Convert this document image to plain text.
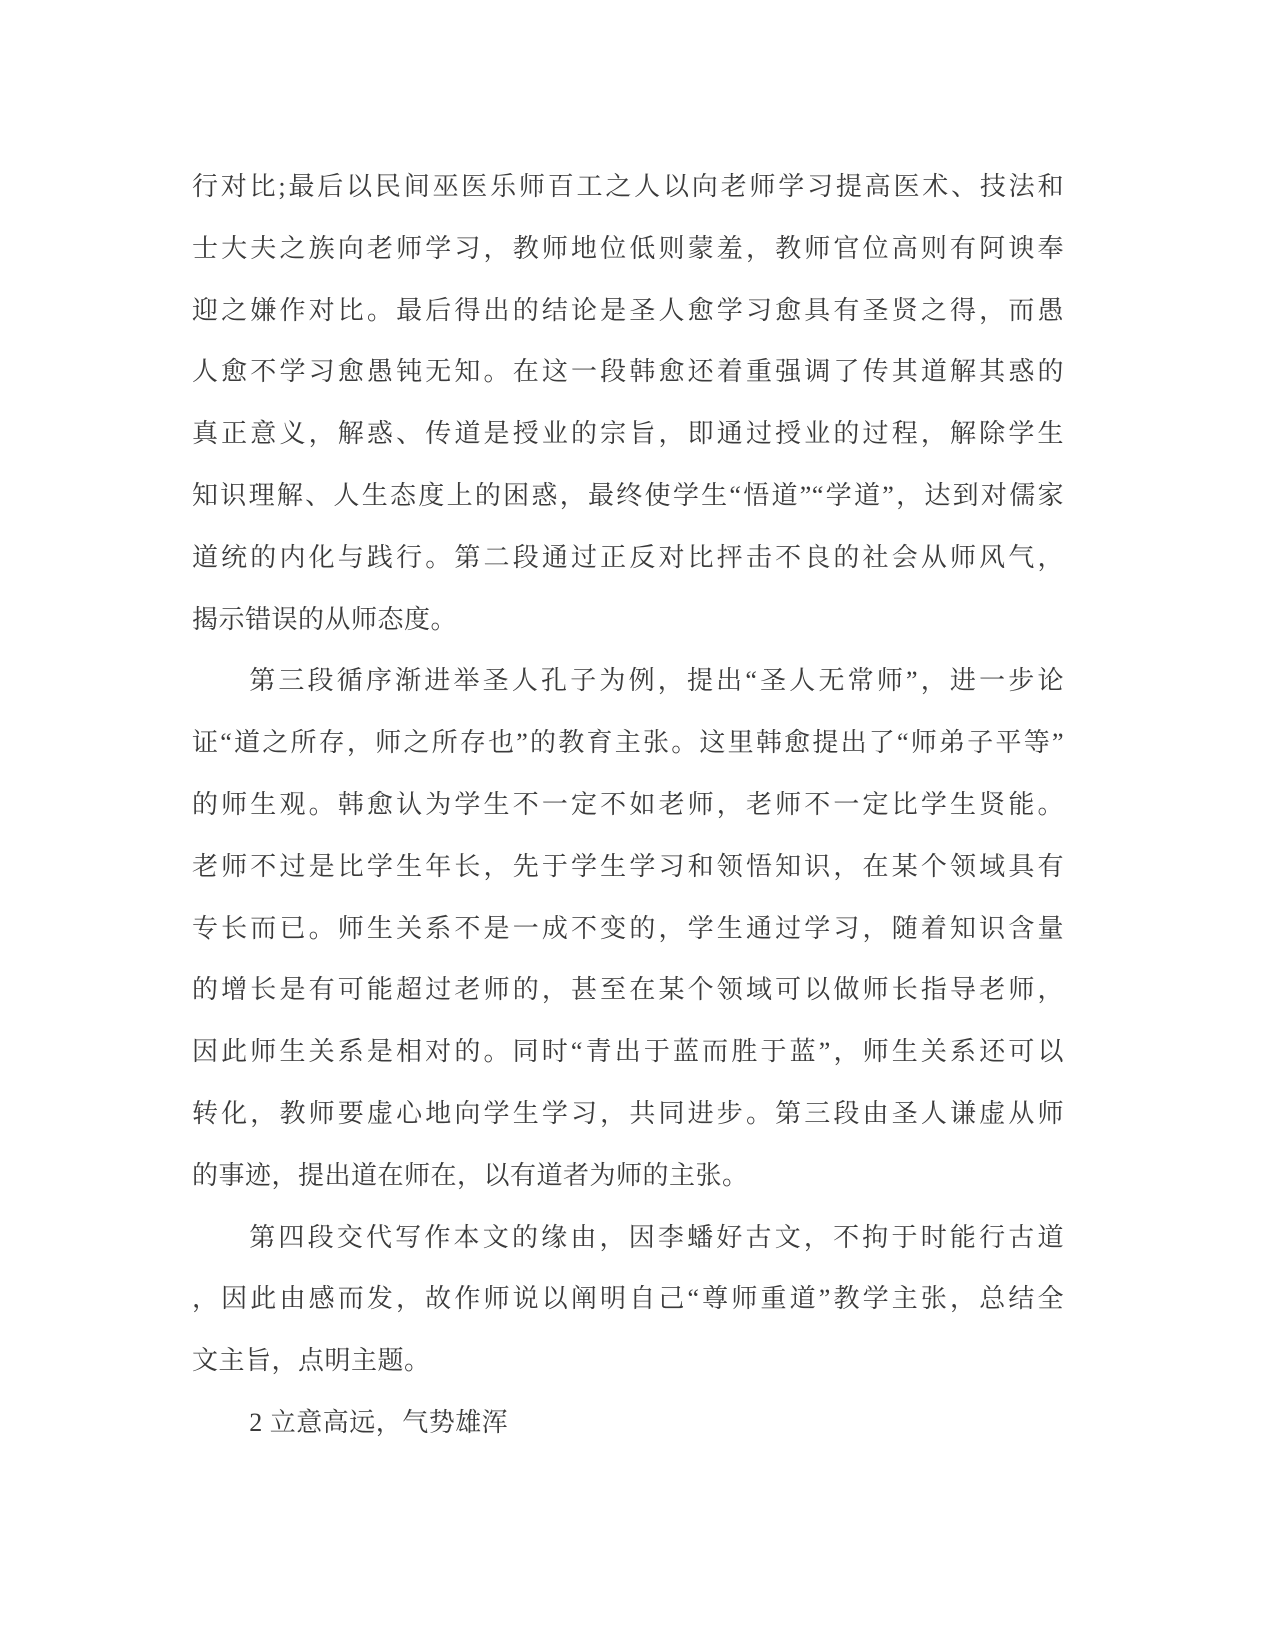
行对比;最后以民间巫医乐师百工之人以向老师学习提高医术、技法和
士大夫之族向老师学习，教师地位低则蒙羞，教师官位高则有阿谀奉
迎之嫌作对比。最后得出的结论是圣人愈学习愈具有圣贤之得，而愚
人愈不学习愈愚钝无知。在这一段韩愈还着重强调了传其道解其惑的
真正意义，解惑、传道是授业的宗旨，即通过授业的过程，解除学生
知识理解、人生态度上的困惑，最终使学生“悟道”“学道”，达到对儒家
道统的内化与践行。第二段通过正反对比抨击不良的社会从师风气，
揭示错误的从师态度。
第三段循序渐进举圣人孔子为例，提出“圣人无常师”，进一步论
证“道之所存，师之所存也”的教育主张。这里韩愈提出了“师弟子平等”
的师生观。韩愈认为学生不一定不如老师，老师不一定比学生贤能。
老师不过是比学生年长，先于学生学习和领悟知识，在某个领域具有
专长而已。师生关系不是一成不变的，学生通过学习，随着知识含量
的增长是有可能超过老师的，甚至在某个领域可以做师长指导老师，
因此师生关系是相对的。同时“青出于蓝而胜于蓝”，师生关系还可以
转化，教师要虚心地向学生学习，共同进步。第三段由圣人谦虚从师
的事迹，提出道在师在，以有道者为师的主张。
第四段交代写作本文的缘由，因李蟠好古文，不拘于时能行古道
，因此由感而发，故作师说以阐明自己“尊师重道”教学主张，总结全
文主旨，点明主题。
2 立意高远，气势雄浑
